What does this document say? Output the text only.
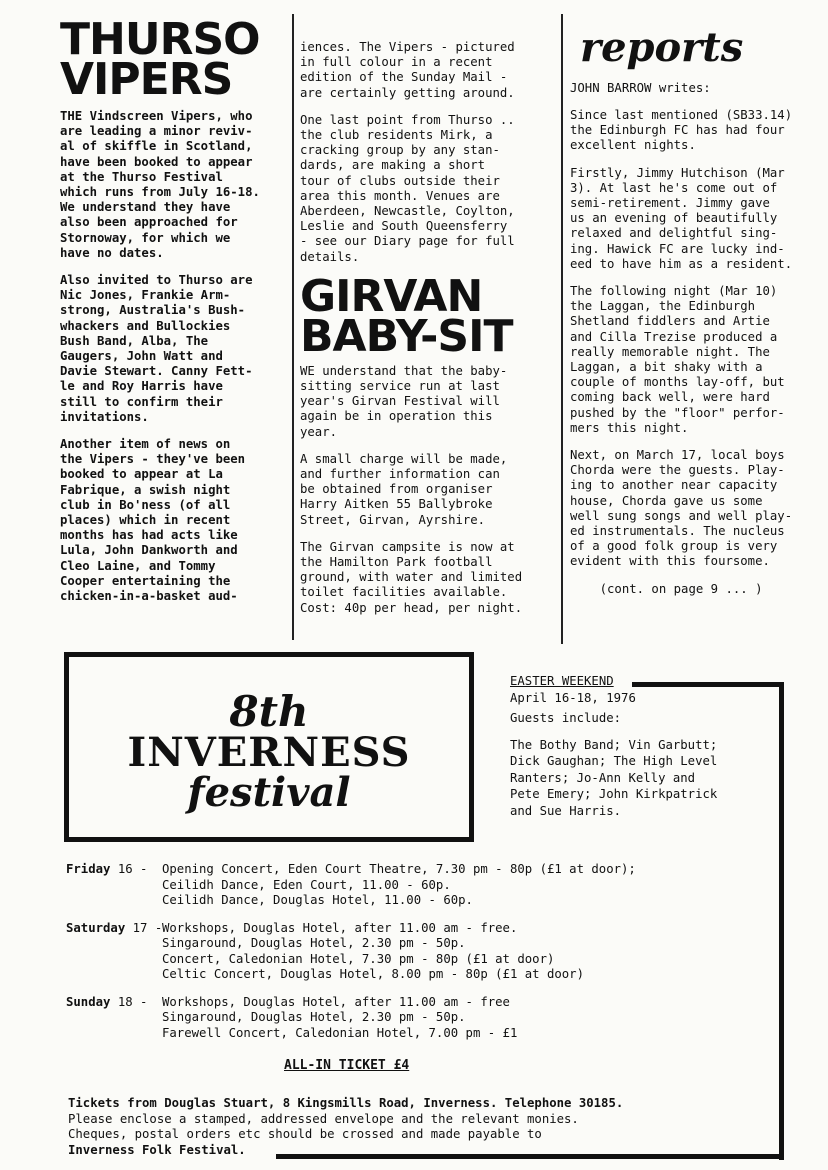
THURSO
VIPERS

THE Vindscreen Vipers, who
are leading a minor reviv-
al of skiffle in Scotland,
have been booked to appear
at the Thurso Festival
which runs from July 16-18.
We understand they have
also been approached for
Stornoway, for which we
have no dates.

Also invited to Thurso are
Nic Jones, Frankie Arm-
strong, Australia's Bush-
whackers and Bullockies
Bush Band, Alba, The
Gaugers, John Watt and
Davie Stewart. Canny Fett-
le and Roy Harris have
still to confirm their
invitations.

Another item of news on
the Vipers - they've been
booked to appear at La
Fabrique, a swish night
club in Bo'ness (of all
places) which in recent
months has had acts like
Lula, John Dankworth and
Cleo Laine, and Tommy
Cooper entertaining the
chicken-in-a-basket aud-

iences. The Vipers - pictured
in full colour in a recent
edition of the Sunday Mail -
are certainly getting around.

One last point from Thurso ..
the club residents Mirk, a
cracking group by any stan-
dards, are making a short
tour of clubs outside their
area this month. Venues are
Aberdeen, Newcastle, Coylton,
Leslie and South Queensferry
- see our Diary page for full
details.

GIRVAN
BABY-SIT

WE understand that the baby-
sitting service run at last
year's Girvan Festival will
again be in operation this
year.

A small charge will be made,
and further information can
be obtained from organiser
Harry Aitken 55 Ballybroke
Street, Girvan, Ayrshire.

The Girvan campsite is now at
the Hamilton Park football
ground, with water and limited
toilet facilities available.
Cost: 40p per head, per night.

reports

JOHN BARROW writes:

Since last mentioned (SB33.14)
the Edinburgh FC has had four
excellent nights.

Firstly, Jimmy Hutchison (Mar
3). At last he's come out of
semi-retirement. Jimmy gave
us an evening of beautifully
relaxed and delightful sing-
ing. Hawick FC are lucky ind-
eed to have him as a resident.

The following night (Mar 10)
the Laggan, the Edinburgh
Shetland fiddlers and Artie
and Cilla Trezise produced a
really memorable night. The
Laggan, a bit shaky with a
couple of months lay-off, but
coming back well, were hard
pushed by the "floor" perfor-
mers this night.

Next, on March 17, local boys
Chorda were the guests. Play-
ing to another near capacity
house, Chorda gave us some
well sung songs and well play-
ed instrumentals. The nucleus
of a good folk group is very
evident with this foursome.

(cont. on page 9 ... )

8th
INVERNESS
festival
EASTER WEEKEND
April 16-18, 1976
Guests include:
The Bothy Band; Vin Garbutt;
Dick Gaughan; The High Level
Ranters; Jo-Ann Kelly and
Pete Emery; John Kirkpatrick
and Sue Harris.
Friday 16 -	Opening Concert, Eden Court Theatre, 7.30 pm - 80p (£1 at door);
Ceilidh Dance, Eden Court, 11.00 - 60p.
Ceilidh Dance, Douglas Hotel, 11.00 - 60p.
Saturday 17 - Workshops, Douglas Hotel, after 11.00 am - free.
Singaround, Douglas Hotel, 2.30 pm - 50p.
Concert, Caledonian Hotel, 7.30 pm - 80p (£1 at door)
Celtic Concert, Douglas Hotel, 8.00 pm - 80p (£1 at door)
Sunday 18 -	Workshops, Douglas Hotel, after 11.00 am - free
Singaround, Douglas Hotel, 2.30 pm - 50p.
Farewell Concert, Caledonian Hotel, 7.00 pm - £1
ALL-IN TICKET £4
Tickets from Douglas Stuart, 8 Kingsmills Road, Inverness. Telephone 30185.
Please enclose a stamped, addressed envelope and the relevant monies.
Cheques, postal orders etc should be crossed and made payable to
Inverness Folk Festival.
